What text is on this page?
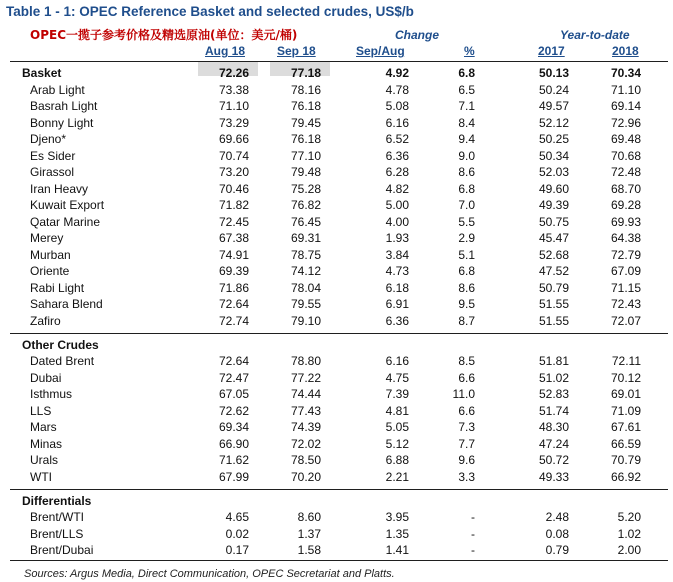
Table 1 - 1: OPEC Reference Basket and selected crudes, US$/b
OPEC一揽子参考价格及精选原油(单位：美元/桶)	Change	Year-to-date
Aug 18	Sep 18	Sep/Aug	%	2017	2018
Basket	72.26	77.18	4.92	6.8	50.13	70.34
Arab Light	73.38	78.16	4.78	6.5	50.24	71.10
Basrah Light	71.10	76.18	5.08	7.1	49.57	69.14
Bonny Light	73.29	79.45	6.16	8.4	52.12	72.96
Djeno*	69.66	76.18	6.52	9.4	50.25	69.48
Es Sider	70.74	77.10	6.36	9.0	50.34	70.68
Girassol	73.20	79.48	6.28	8.6	52.03	72.48
Iran Heavy	70.46	75.28	4.82	6.8	49.60	68.70
Kuwait Export	71.82	76.82	5.00	7.0	49.39	69.28
Qatar Marine	72.45	76.45	4.00	5.5	50.75	69.93
Merey	67.38	69.31	1.93	2.9	45.47	64.38
Murban	74.91	78.75	3.84	5.1	52.68	72.79
Oriente	69.39	74.12	4.73	6.8	47.52	67.09
Rabi Light	71.86	78.04	6.18	8.6	50.79	71.15
Sahara Blend	72.64	79.55	6.91	9.5	51.55	72.43
Zafiro	72.74	79.10	6.36	8.7	51.55	72.07
Other Crudes
Dated Brent	72.64	78.80	6.16	8.5	51.81	72.11
Dubai	72.47	77.22	4.75	6.6	51.02	70.12
Isthmus	67.05	74.44	7.39	11.0	52.83	69.01
LLS	72.62	77.43	4.81	6.6	51.74	71.09
Mars	69.34	74.39	5.05	7.3	48.30	67.61
Minas	66.90	72.02	5.12	7.7	47.24	66.59
Urals	71.62	78.50	6.88	9.6	50.72	70.79
WTI	67.99	70.20	2.21	3.3	49.33	66.92
Differentials
Brent/WTI	4.65	8.60	3.95	-	2.48	5.20
Brent/LLS	0.02	1.37	1.35	-	0.08	1.02
Brent/Dubai	0.17	1.58	1.41	-	0.79	2.00
Sources: Argus Media, Direct Communication, OPEC Secretariat and Platts.
